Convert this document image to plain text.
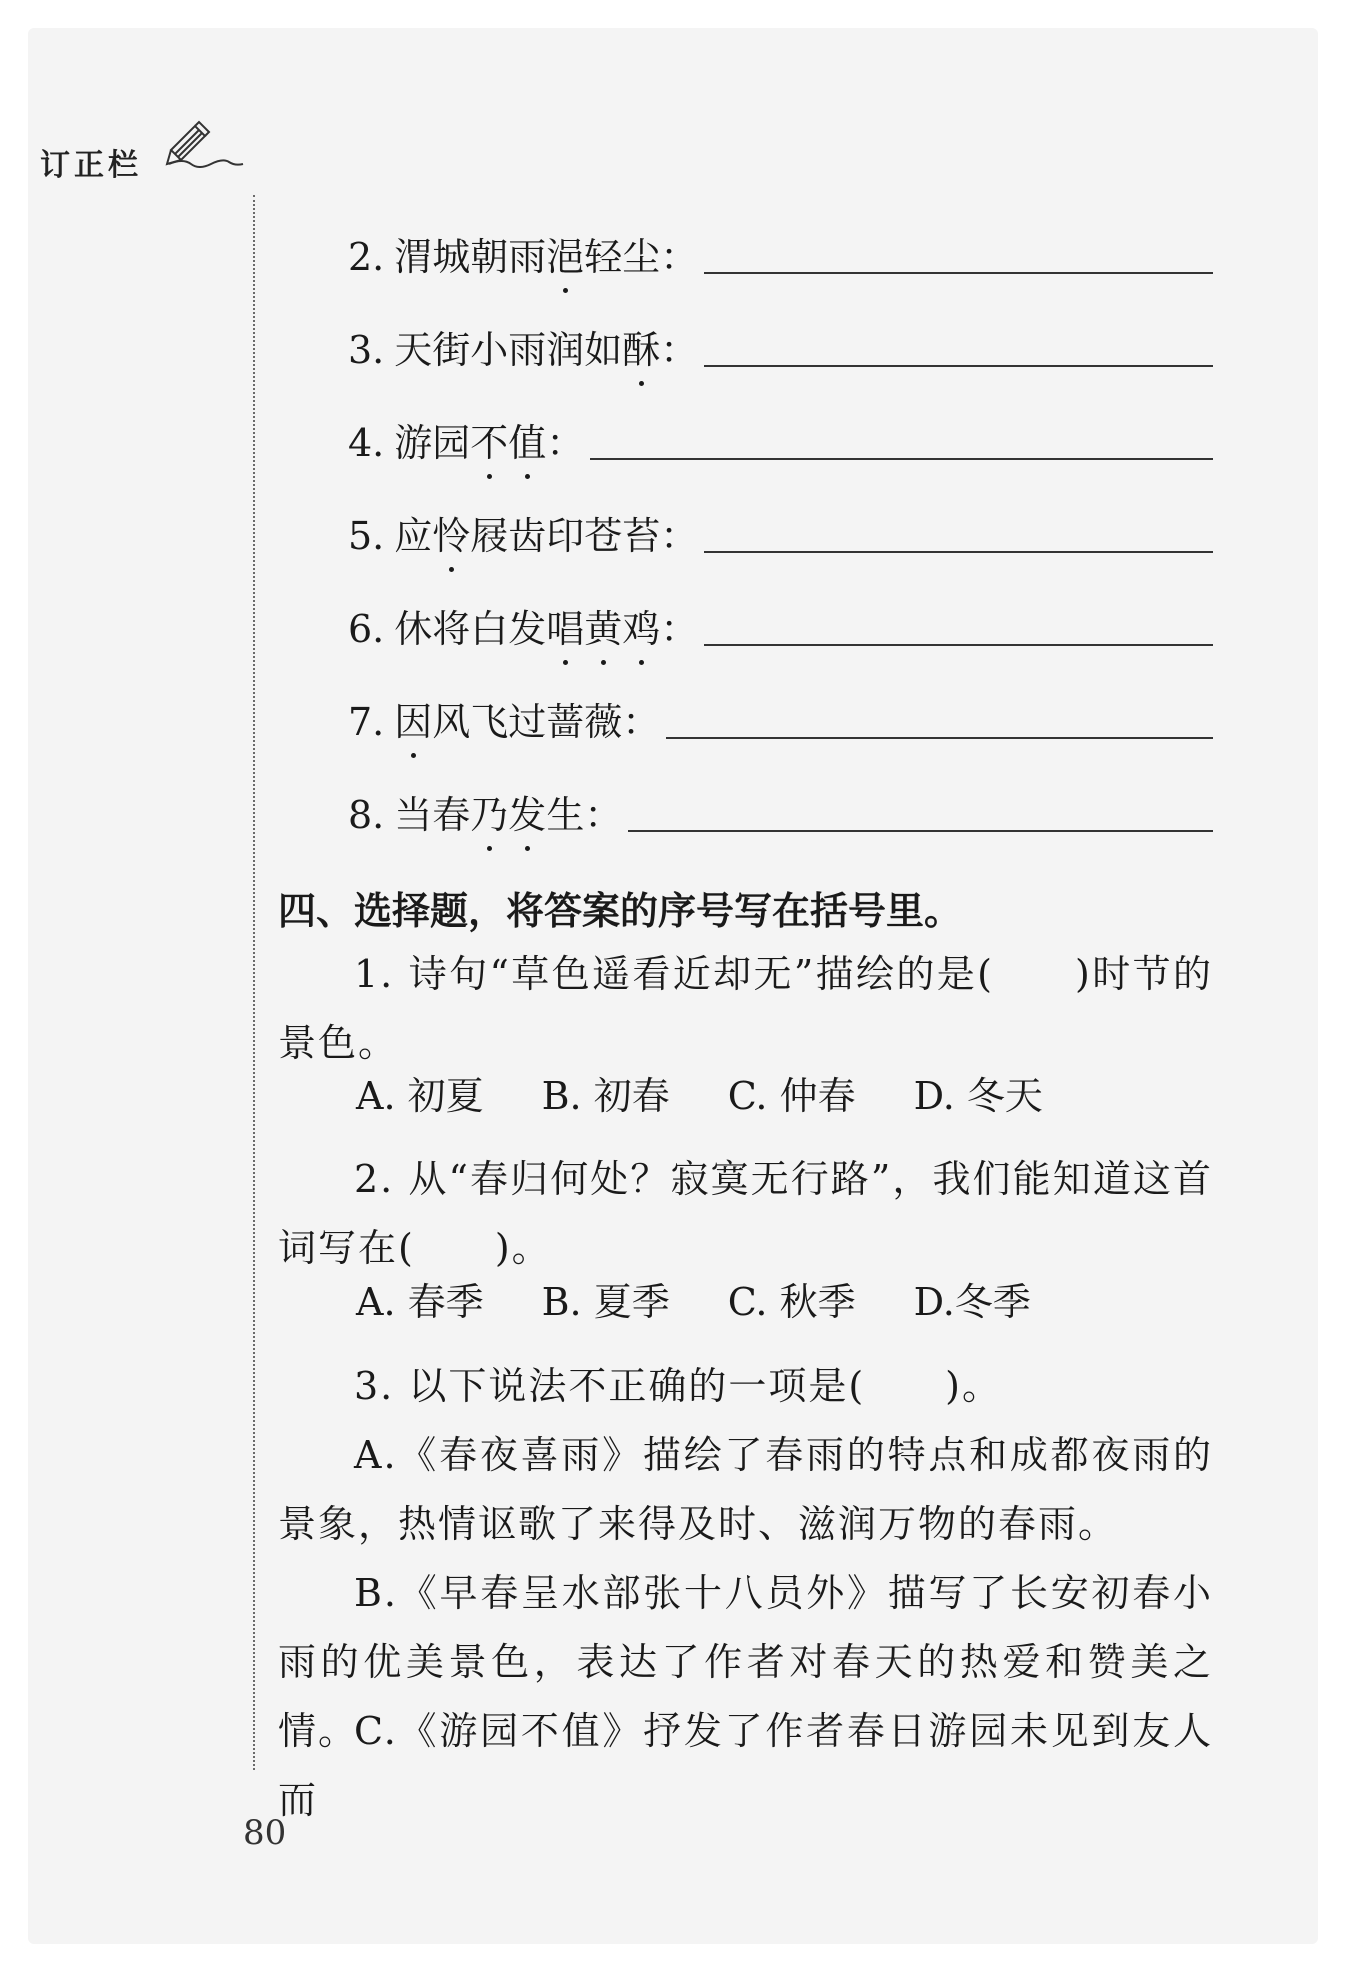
订正栏
2. 渭城朝雨浥轻尘：
3. 天街小雨润如酥：
4. 游园不值：
5. 应怜屐齿印苍苔：
6. 休将白发唱黄鸡：
7. 因风飞过蔷薇：
8. 当春乃发生：
四、选择题，将答案的序号写在括号里。
1. 诗句“草色遥看近却无”描绘的是(　　)时节的景色。
A. 初夏 B. 初春 C. 仲春 D. 冬天
2. 从“春归何处？寂寞无行路”，我们能知道这首词写在(　　)。
A. 春季 B. 夏季 C. 秋季 D.冬季
3. 以下说法不正确的一项是(　　)。
A.《春夜喜雨》描绘了春雨的特点和成都夜雨的景象，热情讴歌了来得及时、滋润万物的春雨。
B.《早春呈水部张十八员外》描写了长安初春小雨的优美景色，表达了作者对春天的热爱和赞美之情。
C.《游园不值》抒发了作者春日游园未见到友人而
80
